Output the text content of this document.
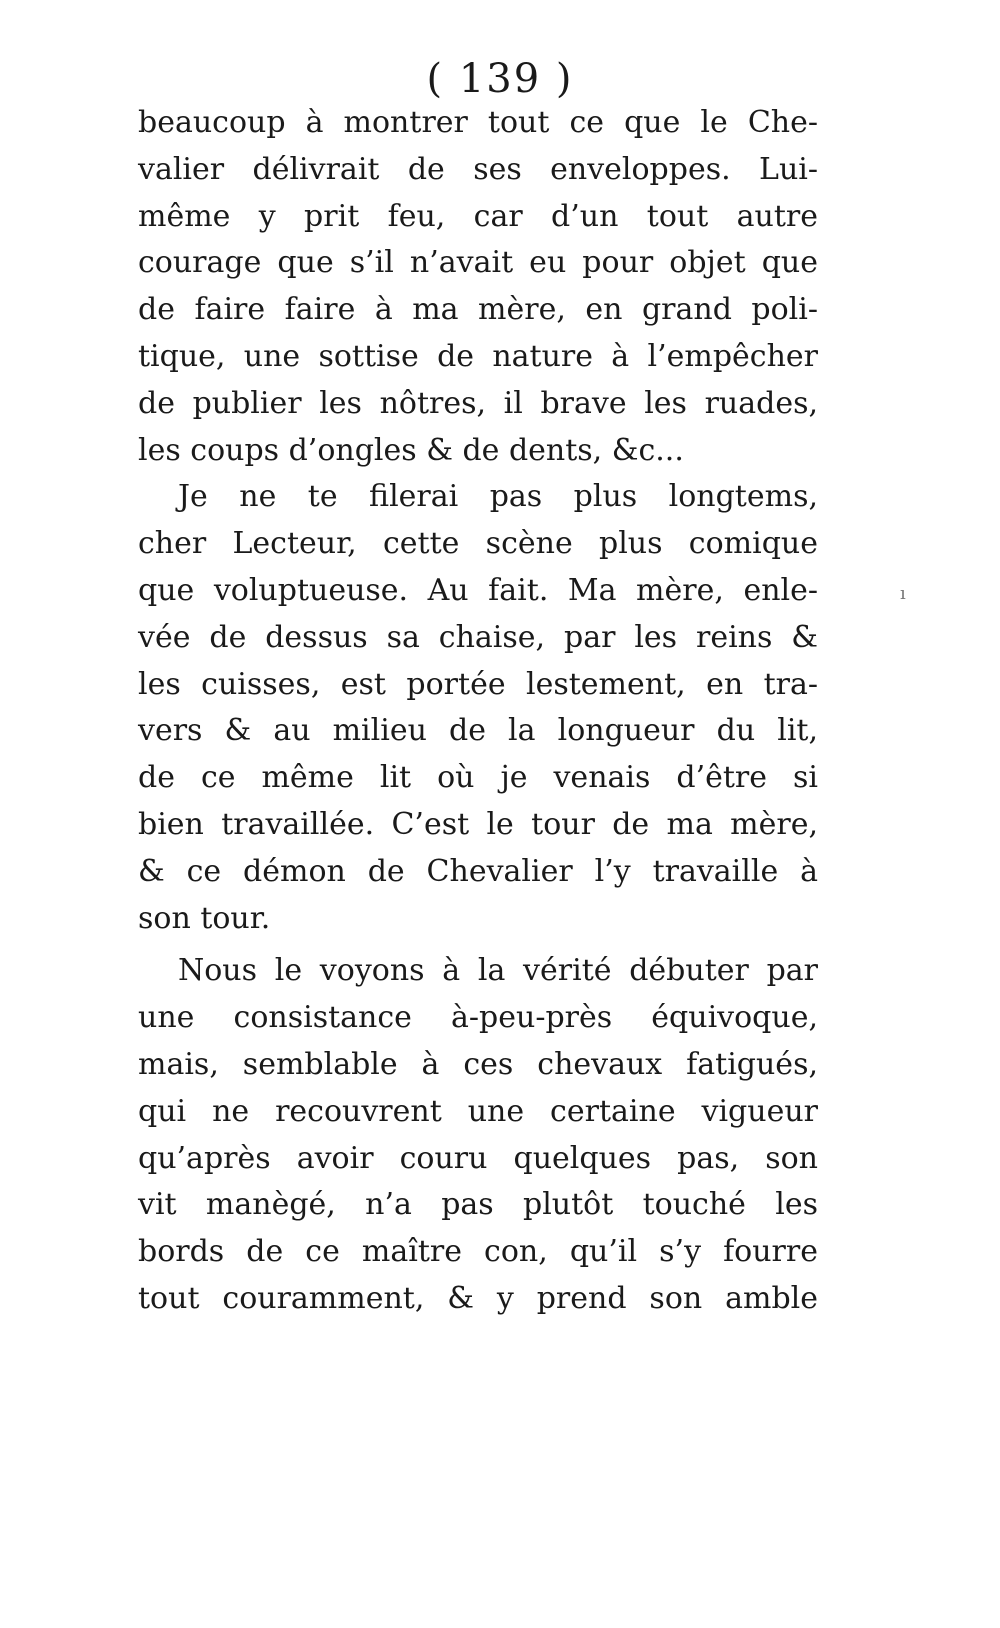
( 139 )
beaucoup à montrer tout ce que le Che-
valier délivrait de ses enveloppes. Lui-
même y prit feu, car d’un tout autre
courage que s’il n’avait eu pour objet que
de faire faire à ma mère, en grand poli-
tique, une sottise de nature à l’empêcher
de publier les nôtres, il brave les ruades,
les coups d’ongles & de dents, &c...
Je ne te filerai pas plus longtems,
cher Lecteur, cette scène plus comique
que voluptueuse. Au fait. Ma mère, enle-
vée de dessus sa chaise, par les reins &
les cuisses, est portée lestement, en tra-
vers & au milieu de la longueur du lit,
de ce même lit où je venais d’être si
bien travaillée. C’est le tour de ma mère,
& ce démon de Chevalier l’y travaille à
son tour.
Nous le voyons à la vérité débuter par
une consistance à-peu-près équivoque,
mais, semblable à ces chevaux fatigués,
qui ne recouvrent une certaine vigueur
qu’après avoir couru quelques pas, son
vit manègé, n’a pas plutôt touché les
bords de ce maître con, qu’il s’y fourre
tout couramment, & y prend son amble
ı
